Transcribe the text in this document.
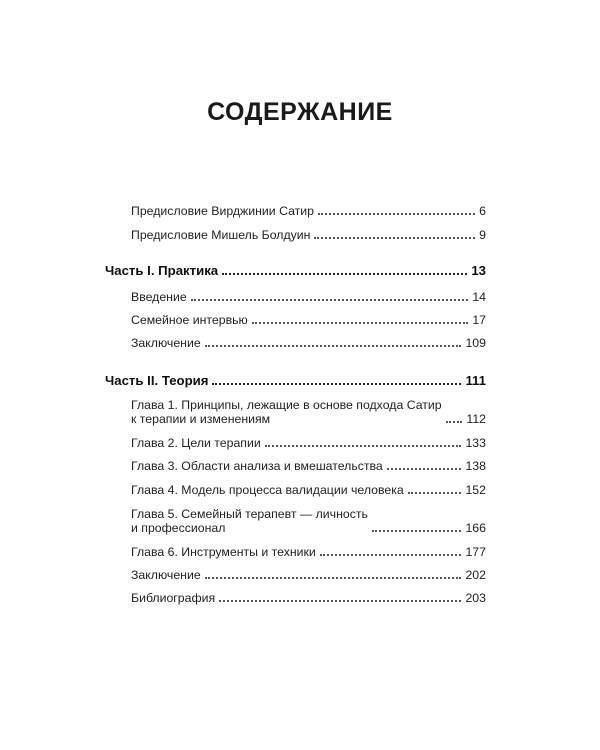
СОДЕРЖАНИЕ
Предисловие Вирджинии Сатир	6
Предисловие Мишель Болдуин	9
Часть I. Практика	13
Введение	14
Семейное интервью	17
Заключение	109
Часть II. Теория	111
Глава 1. Принципы, лежащие в основе подхода Сатир
к терапии и изменениям	112
Глава 2. Цели терапии	133
Глава 3. Области анализа и вмешательства	138
Глава 4. Модель процесса валидации человека	152
Глава 5. Семейный терапевт — личность
и профессионал	166
Глава 6. Инструменты и техники	177
Заключение	202
Библиография	203
